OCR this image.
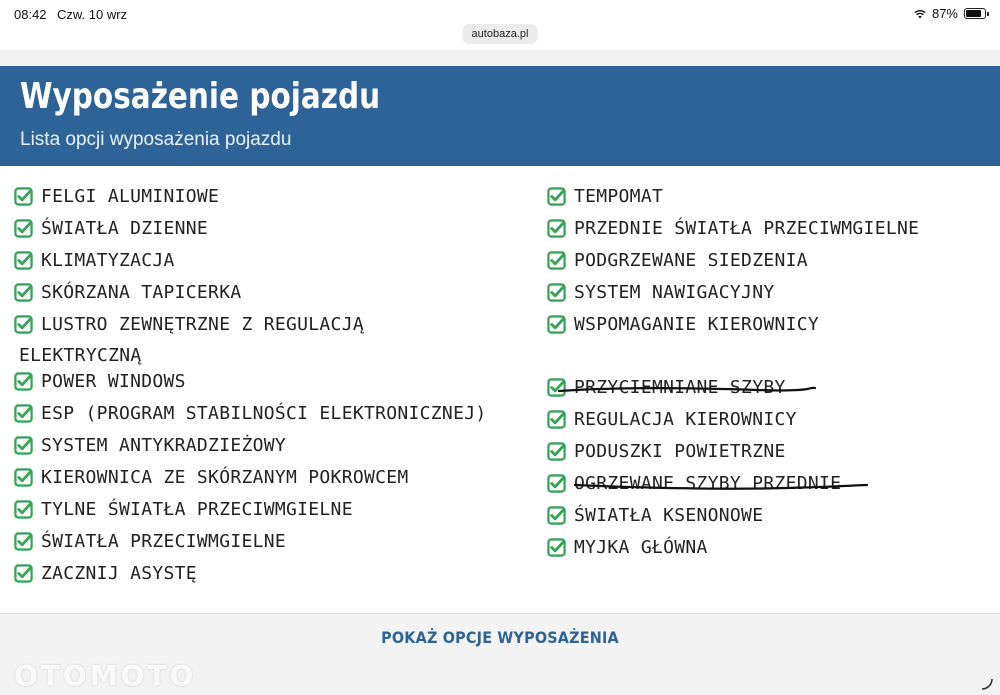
08:42 Czw. 10 wrz	87%
autobaza.pl
Wyposażenie pojazdu
Lista opcji wyposażenia pojazdu
FELGI ALUMINIOWE
ŚWIATŁA DZIENNE
KLIMATYZACJA
SKÓRZANA TAPICERKA
LUSTRO ZEWNĘTRZNE Z REGULACJĄ
ELEKTRYCZNĄ
POWER WINDOWS
ESP (PROGRAM STABILNOŚCI ELEKTRONICZNEJ)
SYSTEM ANTYKRADZIEŻOWY
KIEROWNICA ZE SKÓRZANYM POKROWCEM
TYLNE ŚWIATŁA PRZECIWMGIELNE
ŚWIATŁA PRZECIWMGIELNE
ZACZNIJ ASYSTĘ
TEMPOMAT
PRZEDNIE ŚWIATŁA PRZECIWMGIELNE
PODGRZEWANE SIEDZENIA
SYSTEM NAWIGACYJNY
WSPOMAGANIE KIEROWNICY
PRZYCIEMNIANE SZYBY
REGULACJA KIEROWNICY
PODUSZKI POWIETRZNE
OGRZEWANE SZYBY PRZEDNIE
ŚWIATŁA KSENONOWE
MYJKA GŁÓWNA
POKAŻ OPCJE WYPOSAŻENIA
OTOMOTO
